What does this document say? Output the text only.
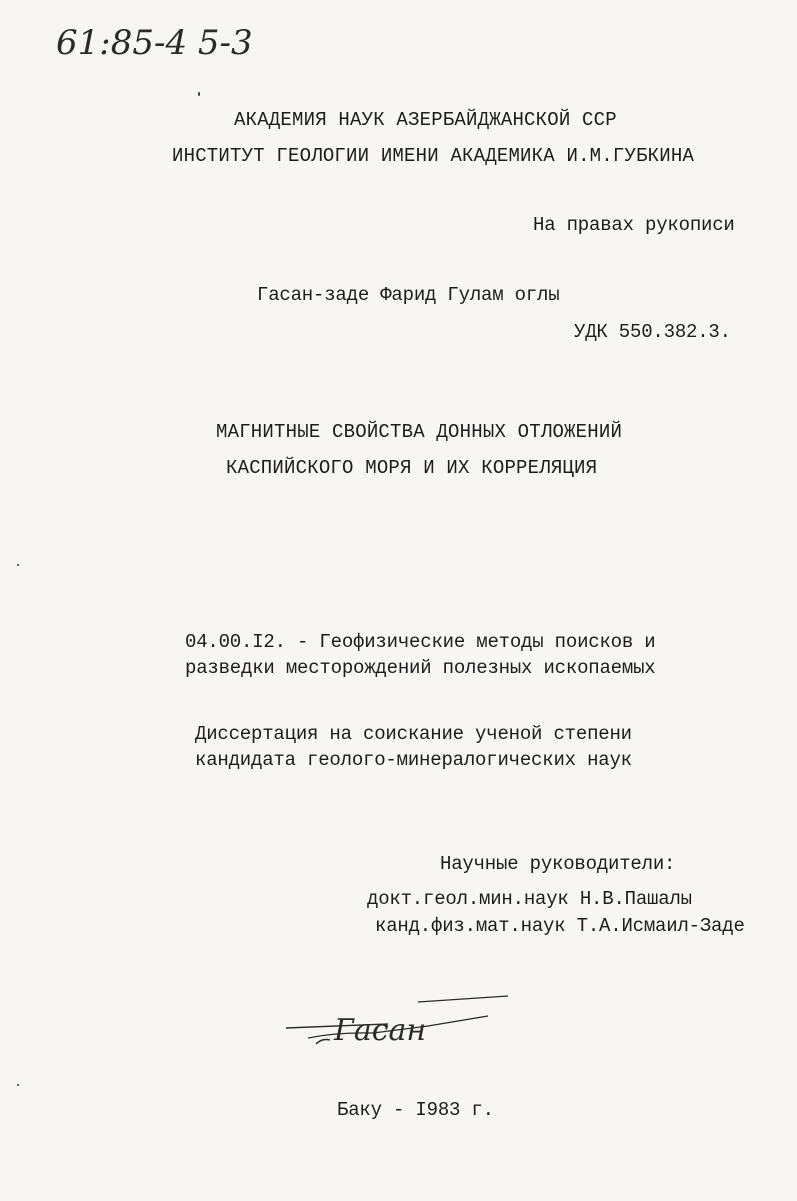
61:85-4 5-3
АКАДЕМИЯ НАУК АЗЕРБАЙДЖАНСКОЙ ССР
ИНСТИТУТ ГЕОЛОГИИ ИМЕНИ АКАДЕМИКА И.М.ГУБКИНА
На правах рукописи
Гасан-заде Фарид Гулам оглы
УДК 550.382.3.
МАГНИТНЫЕ СВОЙСТВА ДОННЫХ ОТЛОЖЕНИЙ
КАСПИЙСКОГО МОРЯ И ИХ КОРРЕЛЯЦИЯ
04.00.I2. - Геофизические методы поисков и
разведки месторождений полезных ископаемых
Диссертация на соискание ученой степени
кандидата геолого-минералогических наук
Научные руководители:
докт.геол.мин.наук Н.В.Пашалы
канд.физ.мат.наук Т.А.Исмаил-Заде
Гасан
Баку - I983 г.
